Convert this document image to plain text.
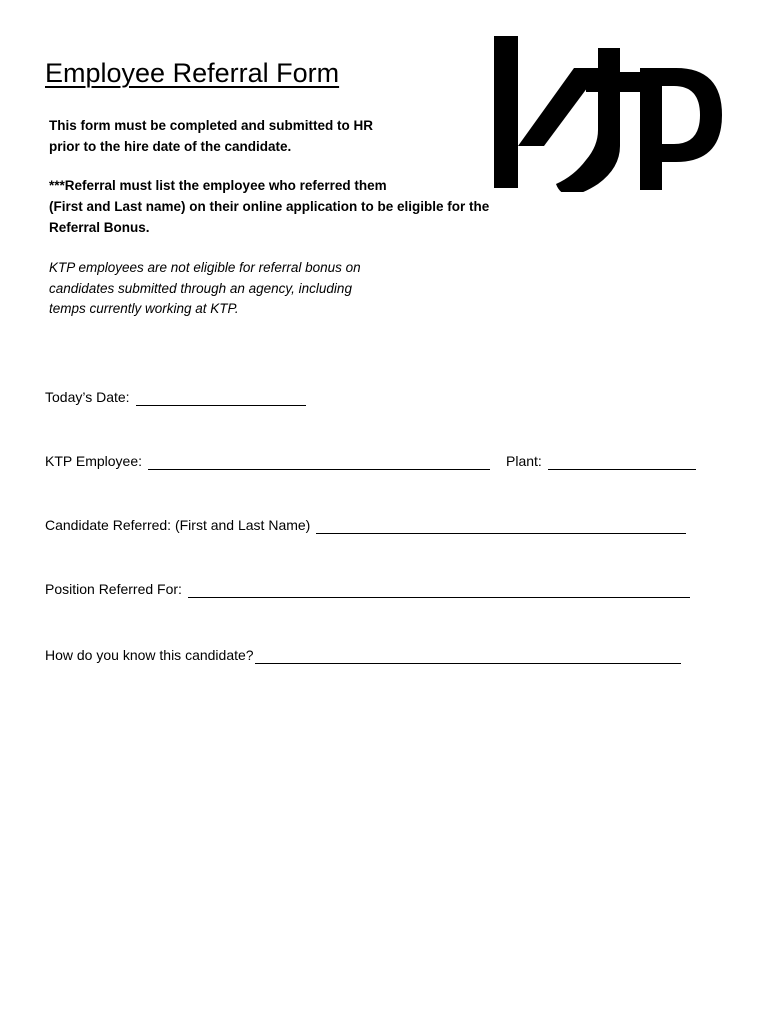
Employee Referral Form
This form must be completed and submitted to HR
prior to the hire date of the candidate.
***Referral must list the employee who referred them
(First and Last name) on their online application to be eligible for the
Referral Bonus.
KTP employees are not eligible for referral bonus on
candidates submitted through an agency, including
temps currently working at KTP.
Today’s Date:
KTP Employee:	Plant:
Candidate Referred: (First and Last Name)
Position Referred For:
How do you know this candidate?
